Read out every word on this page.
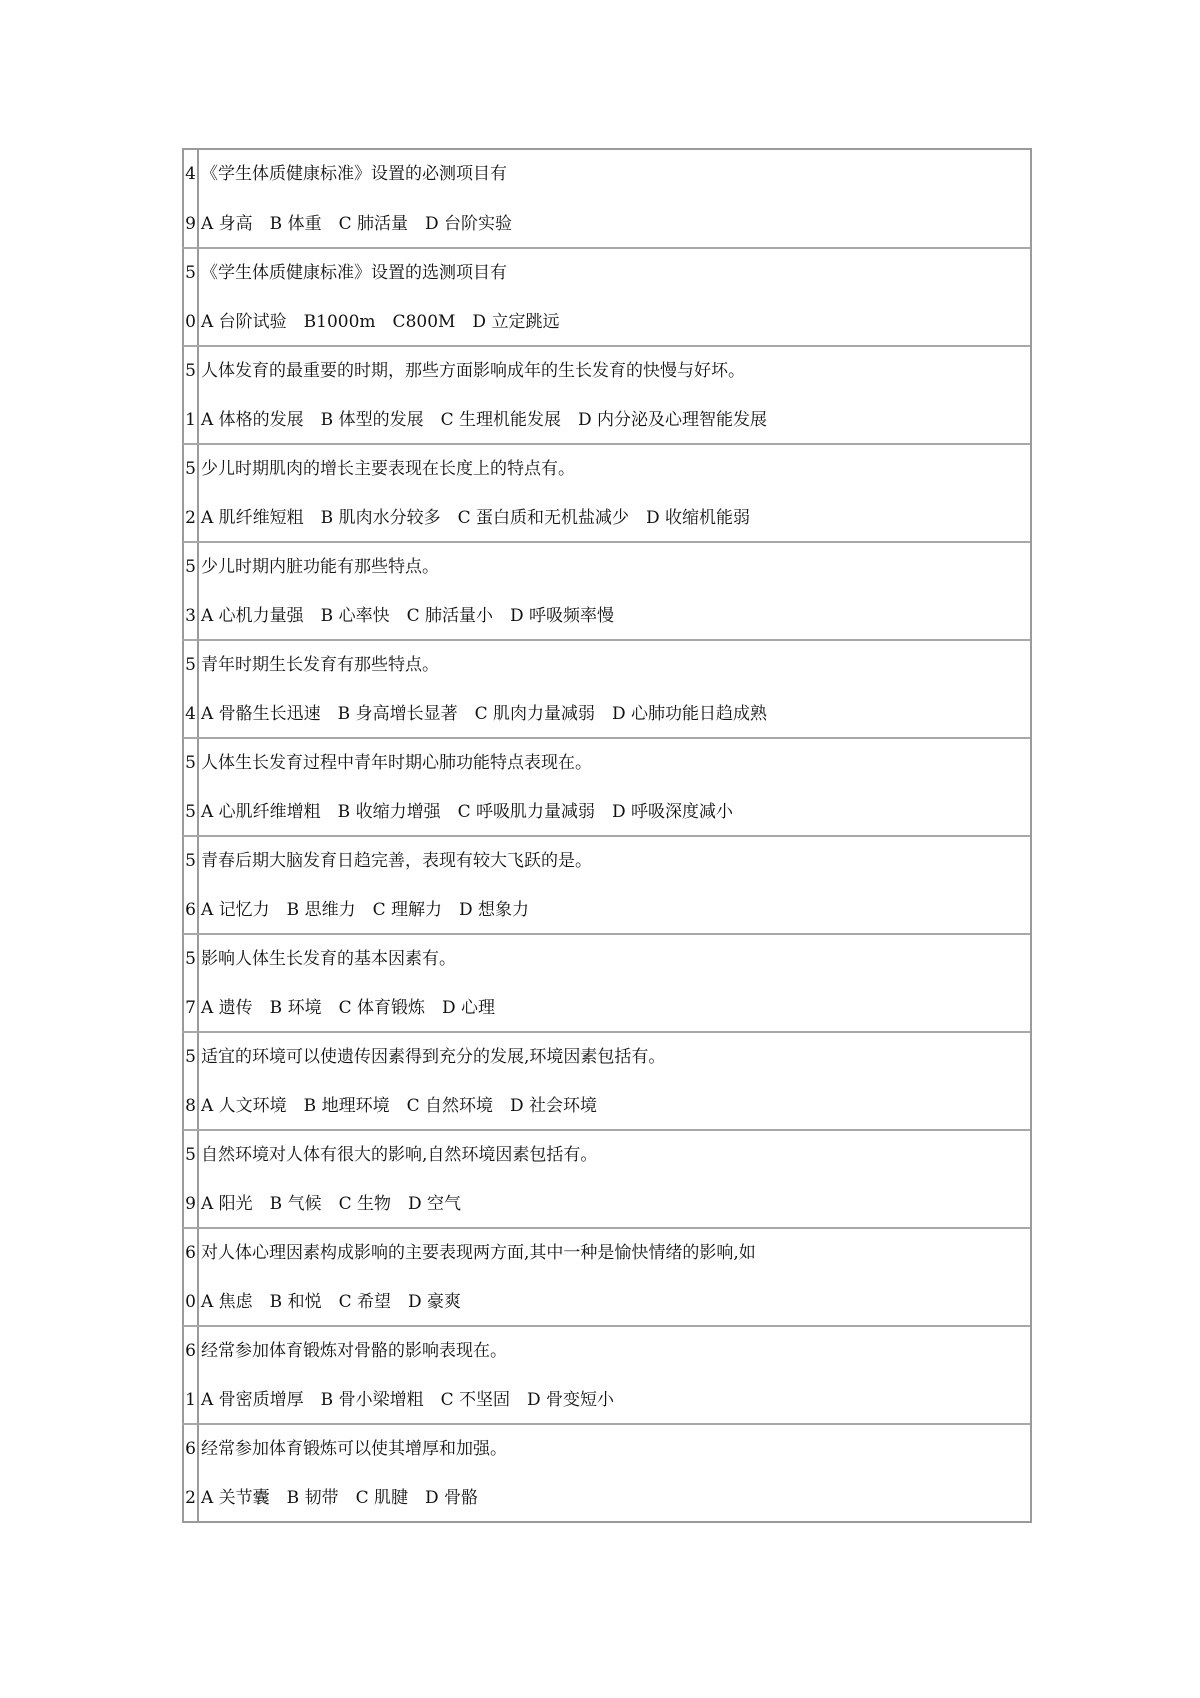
4
9
《学生体质健康标准》设置的必测项目有
A 身高　B 体重　C 肺活量　D 台阶实验
5
0
《学生体质健康标准》设置的选测项目有
A 台阶试验　B1000m　C800M　D 立定跳远
5
1
人体发育的最重要的时期，那些方面影响成年的生长发育的快慢与好坏。
A 体格的发展　B 体型的发展　C 生理机能发展　D 内分泌及心理智能发展
5
2
少儿时期肌肉的增长主要表现在长度上的特点有。
A 肌纤维短粗　B 肌肉水分较多　C 蛋白质和无机盐减少　D 收缩机能弱
5
3
少儿时期内脏功能有那些特点。
A 心机力量强　B 心率快　C 肺活量小　D 呼吸频率慢
5
4
青年时期生长发育有那些特点。
A 骨骼生长迅速　B 身高增长显著　C 肌肉力量减弱　D 心肺功能日趋成熟
5
5
人体生长发育过程中青年时期心肺功能特点表现在。
A 心肌纤维增粗　B 收缩力增强　C 呼吸肌力量减弱　D 呼吸深度减小
5
6
青春后期大脑发育日趋完善，表现有较大飞跃的是。
A 记忆力　B 思维力　C 理解力　D 想象力
5
7
影响人体生长发育的基本因素有。
A 遗传　B 环境　C 体育锻炼　D 心理
5
8
适宜的环境可以使遗传因素得到充分的发展,环境因素包括有。
A 人文环境　B 地理环境　C 自然环境　D 社会环境
5
9
自然环境对人体有很大的影响,自然环境因素包括有。
A 阳光　B 气候　C 生物　D 空气
6
0
对人体心理因素构成影响的主要表现两方面,其中一种是愉快情绪的影响,如
A 焦虑　B 和悦　C 希望　D 豪爽
6
1
经常参加体育锻炼对骨骼的影响表现在。
A 骨密质增厚　B 骨小梁增粗　C 不坚固　D 骨变短小
6
2
经常参加体育锻炼可以使其增厚和加强。
A 关节囊　B 韧带　C 肌腱　D 骨骼
